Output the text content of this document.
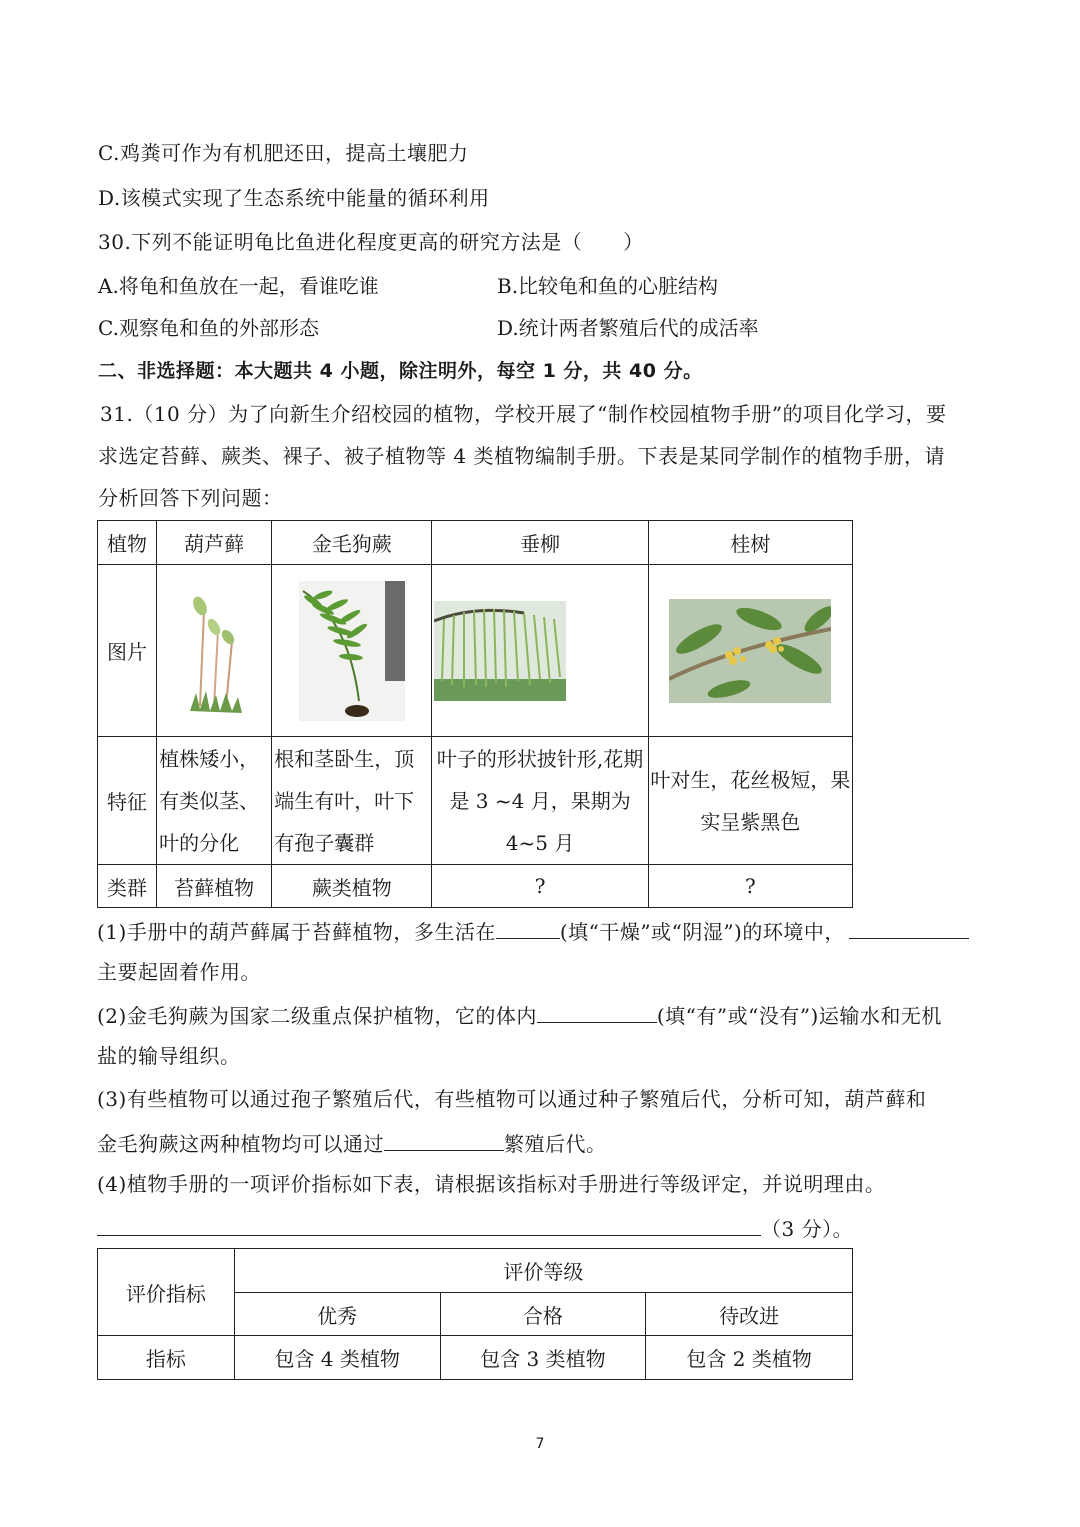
C.鸡粪可作为有机肥还田，提高土壤肥力
D.该模式实现了生态系统中能量的循环利用
30.下列不能证明龟比鱼进化程度更高的研究方法是（　　）
A.将龟和鱼放在一起，看谁吃谁	B.比较龟和鱼的心脏结构
C.观察龟和鱼的外部形态	D.统计两者繁殖后代的成活率
二、非选择题：本大题共 4 小题，除注明外，每空 1 分，共 40 分。
31.（10 分）为了向新生介绍校园的植物，学校开展了“制作校园植物手册”的项目化学习，要
求选定苔藓、蕨类、裸子、被子植物等 4 类植物编制手册。下表是某同学制作的植物手册，请
分析回答下列问题：
植物	葫芦藓	金毛狗蕨	垂柳	桂树
图片	

特征	植株矮小，有类似茎、叶的分化	根和茎卧生，顶端生有叶，叶下有孢子囊群	叶子的形状披针形,花期是 3 ~4 月，果期为 4~5 月	叶对生，花丝极短，果实呈紫黑色
类群	苔藓植物	蕨类植物	?	?
(1)手册中的葫芦藓属于苔藓植物，多生活在	(填“干燥”或“阴湿”)的环境中，
主要起固着作用。
(2)金毛狗蕨为国家二级重点保护植物，它的体内	(填“有”或“没有”)运输水和无机
盐的输导组织。
(3)有些植物可以通过孢子繁殖后代，有些植物可以通过种子繁殖后代，分析可知，葫芦藓和
金毛狗蕨这两种植物均可以通过	繁殖后代。
(4)植物手册的一项评价指标如下表，请根据该指标对手册进行等级评定，并说明理由。
（3 分）。
评价指标	评价等级		
	优秀	合格	待改进
指标	包含 4 类植物	包含 3 类植物	包含 2 类植物
7
